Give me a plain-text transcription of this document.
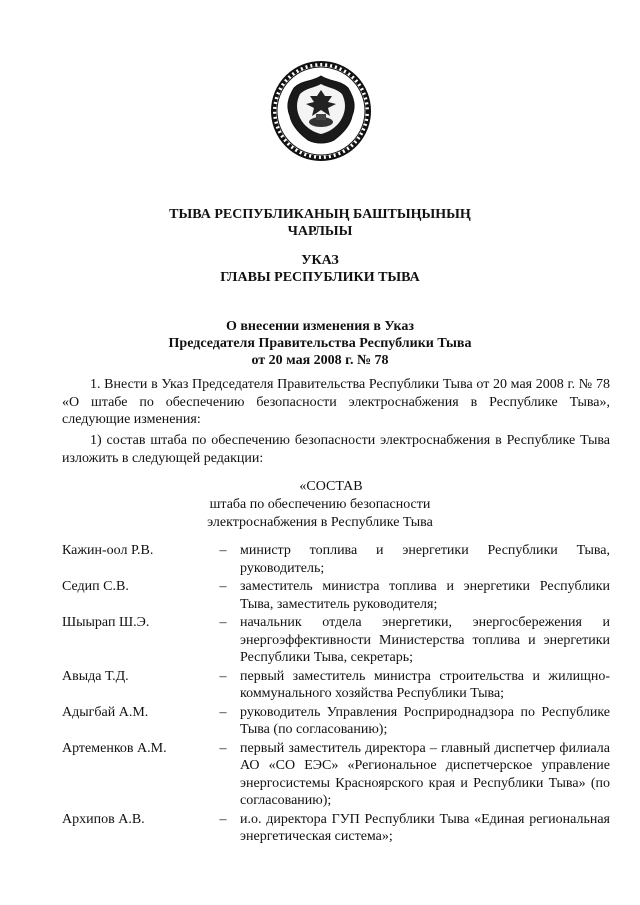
ТЫВА РЕСПУБЛИКАНЫҢ БАШТЫҢЫНЫҢ
ЧАРЛЫЫ
УКАЗ
ГЛАВЫ РЕСПУБЛИКИ ТЫВА
О внесении изменения в Указ
Председателя Правительства Республики Тыва
от 20 мая 2008 г. № 78

1. Внести в Указ Председателя Правительства Республики Тыва от 20 мая 2008 г. № 78 «О штабе по обеспечению безопасности электроснабжения в Республике Тыва», следующие изменения:

1) состав штаба по обеспечению безопасности электроснабжения в Республике Тыва изложить в следующей редакции:

«СОСТАВ
штаба по обеспечению безопасности
электроснабжения в Республике Тыва
Кажин-оол Р.В.	– министр топлива и энергетики Республики Тыва, руководитель;
Седип С.В.	– заместитель министра топлива и энергетики Республики Тыва, заместитель руководителя;
Шыырап Ш.Э.	– начальник отдела энергетики, энергосбережения и энергоэффективности Министерства топлива и энергетики Республики Тыва, секретарь;
Авыда Т.Д.	– первый заместитель министра строительства и жилищно-коммунального хозяйства Республики Тыва;
Адыгбай А.М.	– руководитель Управления Росприроднадзора по Республике Тыва (по согласованию);
Артеменков А.М.	– первый заместитель директора – главный диспетчер филиала АО «СО ЕЭС» «Региональное диспетчерское управление энергосистемы Красноярского края и Республики Тыва» (по согласованию);
Архипов А.В.	– и.о. директора ГУП Республики Тыва «Единая региональная энергетическая система»;
